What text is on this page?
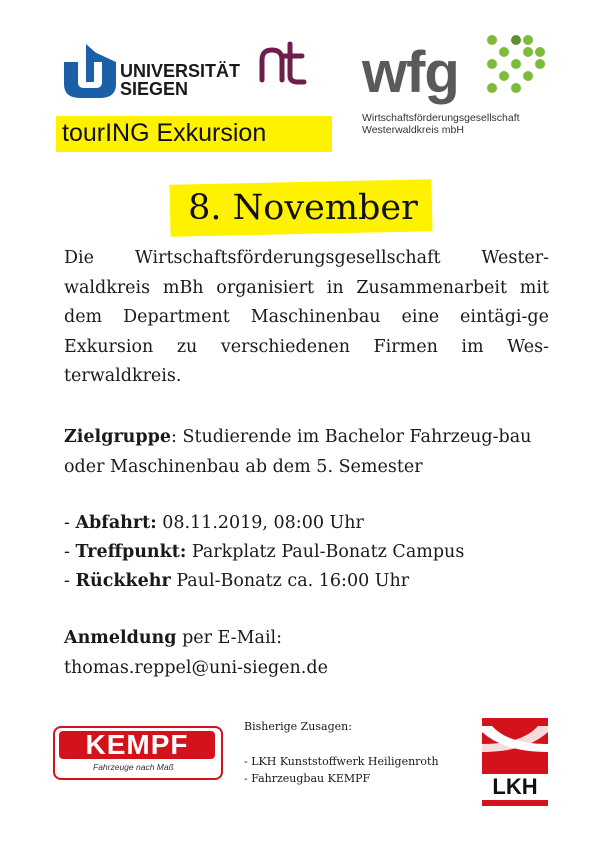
UNIVERSITÄT
SIEGEN	wfg
Wirtschaftsförderungsgesellschaft
Westerwaldkreis mbH
tourING Exkursion
8. November
Die Wirtschaftsförderungsgesellschaft Wester-waldkreis mBh organisiert in Zusammenarbeit mit dem Department Maschinenbau eine eintägi-ge Exkursion zu verschiedenen Firmen im Wes-terwaldkreis.
Zielgruppe: Studierende im Bachelor Fahrzeug-bau oder Maschinenbau ab dem 5. Semester
- Abfahrt: 08.11.2019, 08:00 Uhr
- Treffpunkt: Parkplatz Paul-Bonatz Campus
- Rückkehr Paul-Bonatz ca. 16:00 Uhr
Anmeldung per E-Mail:
thomas.reppel@uni-siegen.de
KEMPF
Fahrzeuge nach Maß
Bisherige Zusagen:
- LKH Kunststoffwerk Heiligenroth
- Fahrzeugbau KEMPF	LKH
